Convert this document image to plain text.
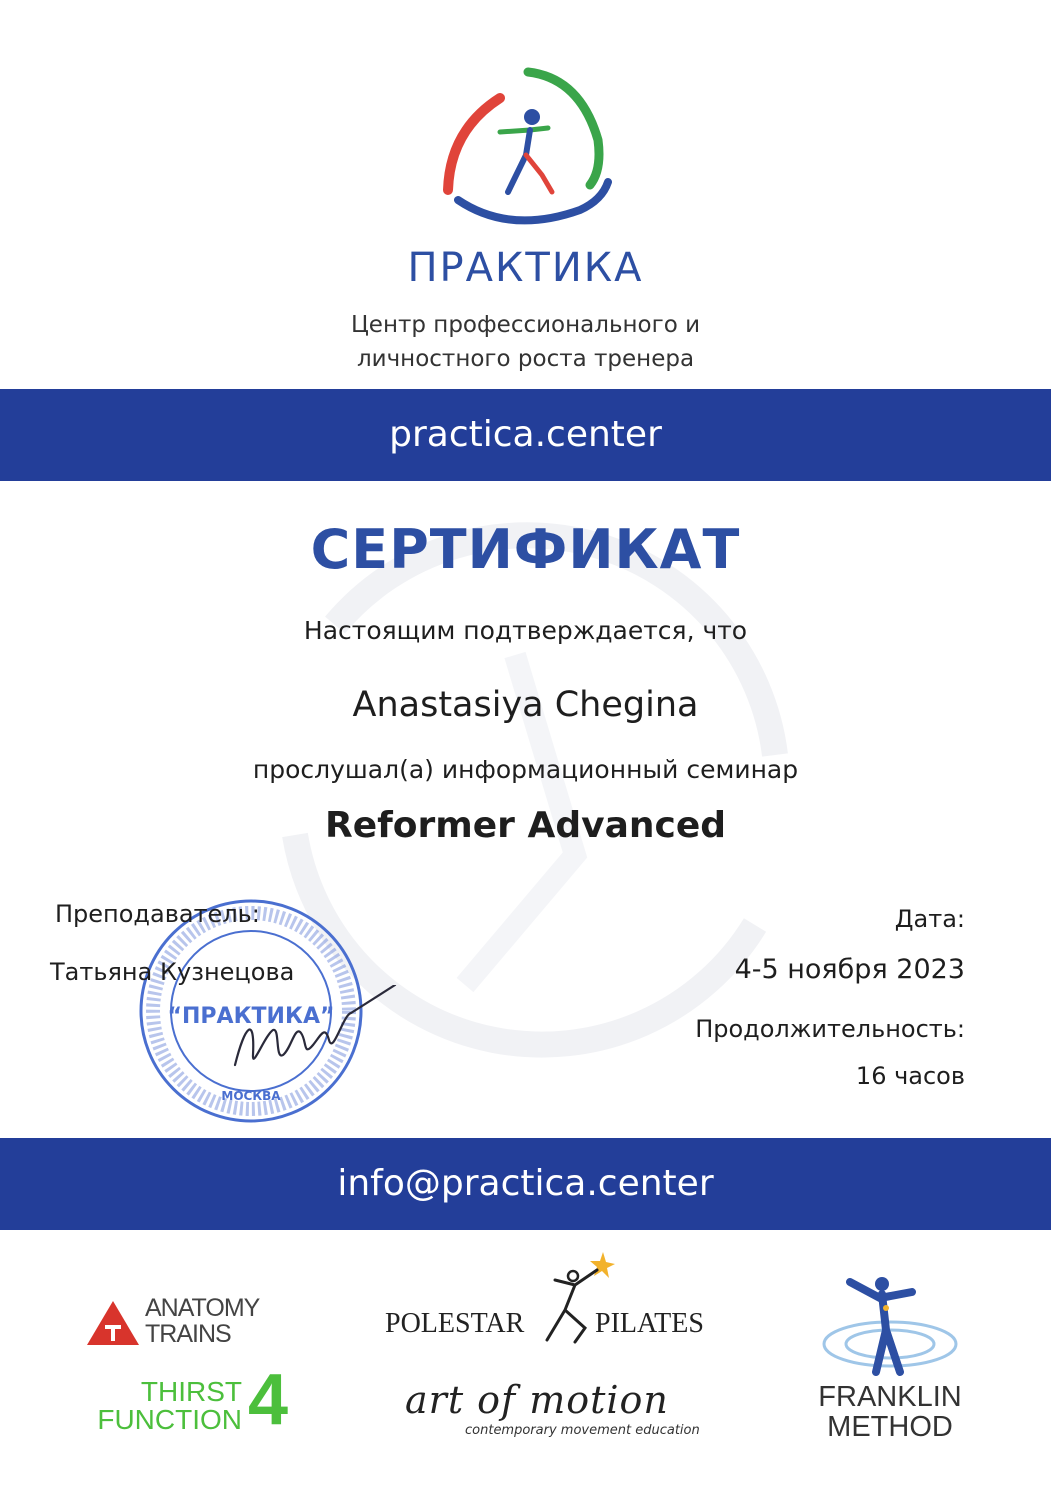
ПРАКТИКА
Центр профессионального и
личностного роста тренера
practica.center
СЕРТИФИКАТ
Настоящим подтверждается, что
Anastasiya Chegina
прослушал(а) информационный семинар
Reformer Advanced
“ПРАКТИКА”
МОСКВА
Преподаватель:
Татьяна Кузнецова
Дата:
4-5 ноября 2023
Продолжительность:
16 часов
info@practica.center
ANATOMY
TRAINS
THIRST
FUNCTION 4
POLESTAR	PILATES
art of motion
contemporary movement education
FRANKLIN
METHOD
